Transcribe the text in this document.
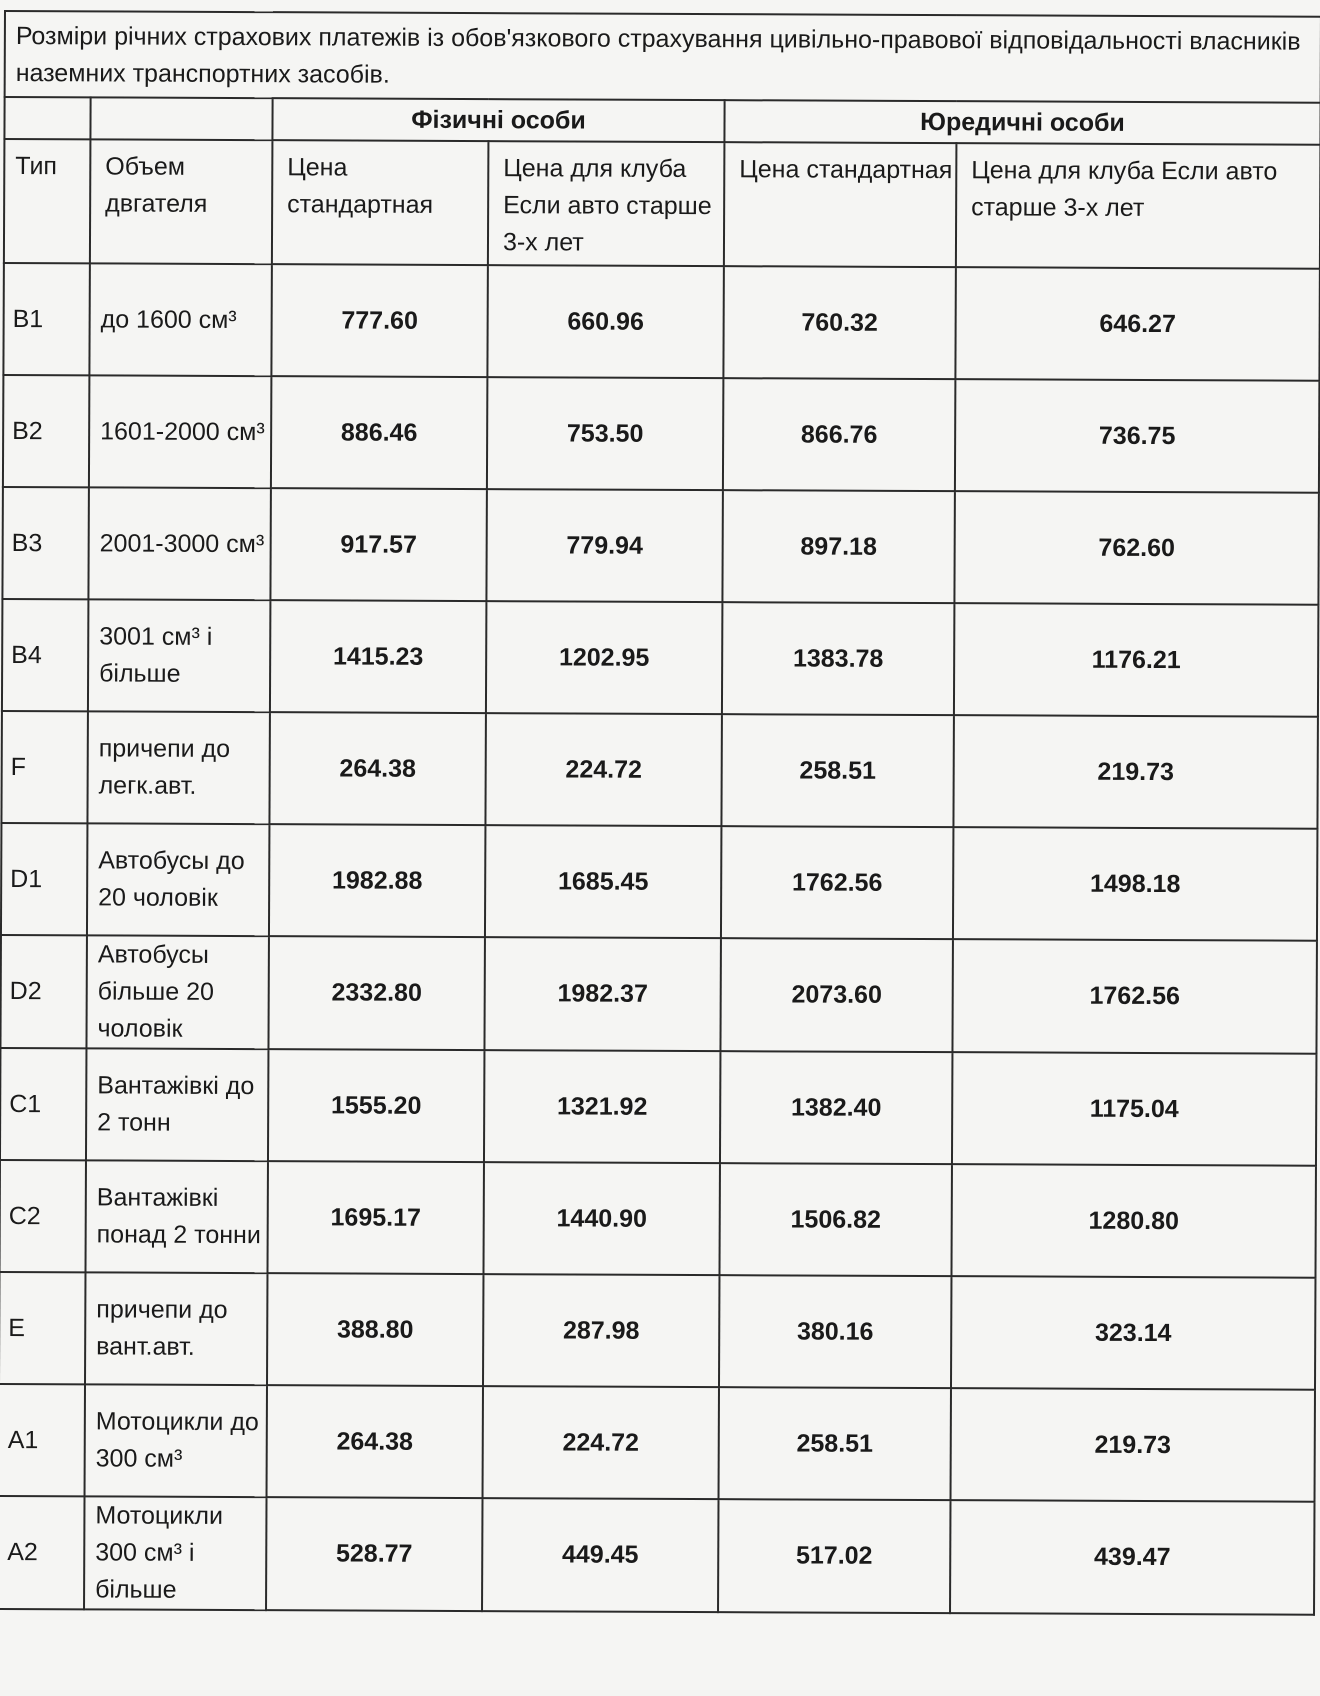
Розміри річних страхових платежів із обов'язкового страхування цивільно-правової відповідальності власників наземних транспортних засобів.					
		Фізичні особи		Юредичні особи	
Тип	Объем двгателя	Цена стандартная	Цена для клуба Если авто старше 3-х лет	Цена стандартная	Цена для клуба Если авто старше 3-х лет
B1	до 1600 см³	777.60	660.96	760.32	646.27
B2	1601-2000 см³	886.46	753.50	866.76	736.75
B3	2001-3000 см³	917.57	779.94	897.18	762.60
B4	3001 см³ і більше	1415.23	1202.95	1383.78	1176.21
F	причепи до легк.авт.	264.38	224.72	258.51	219.73
D1	Автобусы до 20 чоловік	1982.88	1685.45	1762.56	1498.18
D2	Автобусы більше 20 чоловік	2332.80	1982.37	2073.60	1762.56
C1	Вантажівкі до 2 тонн	1555.20	1321.92	1382.40	1175.04
C2	Вантажівкі понад 2 тонни	1695.17	1440.90	1506.82	1280.80
E	причепи до вант.авт.	388.80	287.98	380.16	323.14
A1	Мотоцикли до 300 см³	264.38	224.72	258.51	219.73
A2	Мотоцикли 300 см³ і більше	528.77	449.45	517.02	439.47
